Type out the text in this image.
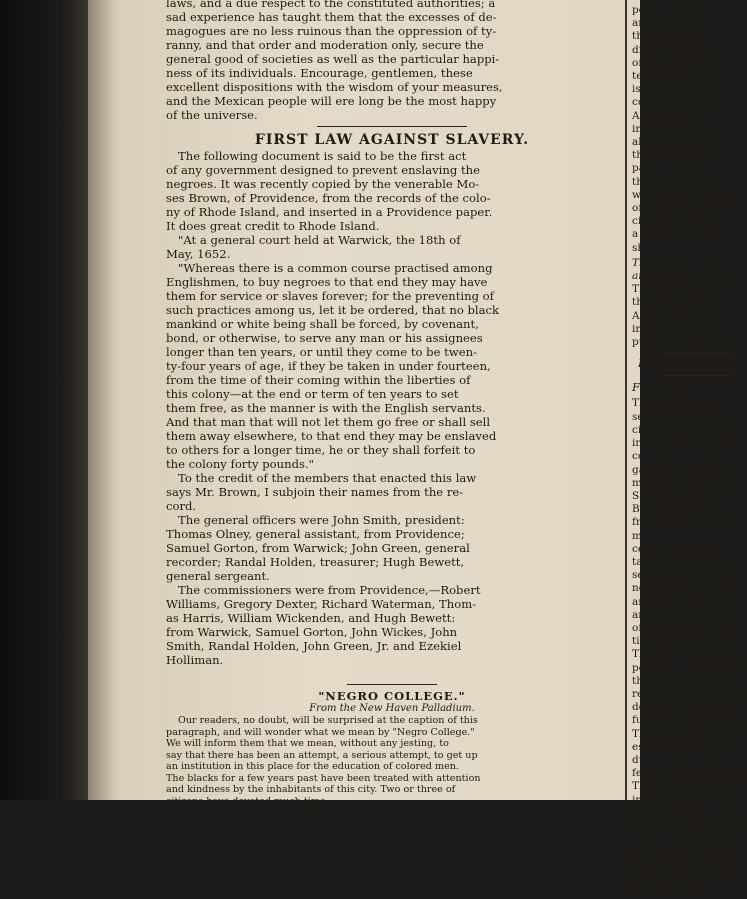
laws, and a due respect to the constituted authorities; a

sad experience has taught them that the excesses of de-

magogues are no less ruinous than the oppression of ty-

ranny, and that order and moderation only, secure the

general good of societies as well as the particular happi-

ness of its individuals. Encourage, gentlemen, these

excellent dispositions with the wisdom of your measures,

and the Mexican people will ere long be the most happy

of the universe.

FIRST LAW AGAINST SLAVERY.

The following document is said to be the first act

of any government designed to prevent enslaving the

negroes. It was recently copied by the venerable Mo-

ses Brown, of Providence, from the records of the colo-

ny of Rhode Island, and inserted in a Providence paper.

It does great credit to Rhode Island.

"At a general court held at Warwick, the 18th of

May, 1652.

"Whereas there is a common course practised among

Englishmen, to buy negroes to that end they may have

them for service or slaves forever; for the preventing of

such practices among us, let it be ordered, that no black

mankind or white being shall be forced, by covenant,

bond, or otherwise, to serve any man or his assignees

longer than ten years, or until they come to be twen-

ty-four years of age, if they be taken in under fourteen,

from the time of their coming within the liberties of

this colony—at the end or term of ten years to set

them free, as the manner is with the English servants.

And that man that will not let them go free or shall sell

them away elsewhere, to that end they may be enslaved

to others for a longer time, he or they shall forfeit to

the colony forty pounds."

To the credit of the members that enacted this law

says Mr. Brown, I subjoin their names from the re-

cord.

The general officers were John Smith, president:

Thomas Olney, general assistant, from Providence;

Samuel Gorton, from Warwick; John Green, general

recorder; Randal Holden, treasurer; Hugh Bewett,

general sergeant.

The commissioners were from Providence,—Robert

Williams, Gregory Dexter, Richard Waterman, Thom-

as Harris, William Wickenden, and Hugh Bewett:

from Warwick, Samuel Gorton, John Wickes, John

Smith, Randal Holden, John Green, Jr. and Ezekiel

Holliman.

"NEGRO COLLEGE."

From the New Haven Palladium.

Our readers, no doubt, will be surprised at the caption of this

paragraph, and will wonder what we mean by "Negro College."

We will inform them that we mean, without any jesting, to

say that there has been an attempt, a serious attempt, to get up

an institution in this place for the education of colored men.

The blacks for a few years past have been treated with attention

and kindness by the inhabitants of this city. Two or three of

citizens have devoted much time

pecul. laws of

any other stat

the Fed. per

diate emancipat

of the states in w

temperance fo

is an unwarrant

concerns of the

And whereas,

institutions for t

already existing i

the general inter

patronized by the

the same place to

with the prosperit

of learning, and

city. And believi

a college in any

should never be i

Therefore, resol

and freemen of th

That we will resis

this place by ever

And on motion

ing be signed by t

published in all the

Elisha Munson,

From Poul

The undersigned

senting the free m

city, June last, con

in the name of said

contradict the misre

gated through the

meeting, held at th

Saturday, 10th inst.

By what motives

freemen of New Ha

means excited to an

ceive! We are not

taries; heretofore th

selves in the way o

nor can we account

and that too of thes

and high in authori

of antiquity, has not

til the end of time,

The facts are sim

pointed a committee

the situation of the

report such measure

dent and advisable,

fully guarding again

The committee repor

establishment of a n

dustry might be inc

fession obtained, whi

These were the ide

in reference to the co

of New Haven, can

insurrection or disre

of the south," which

We utterly deny ha

tablishment of our

the south; and we ha

viduals of the
